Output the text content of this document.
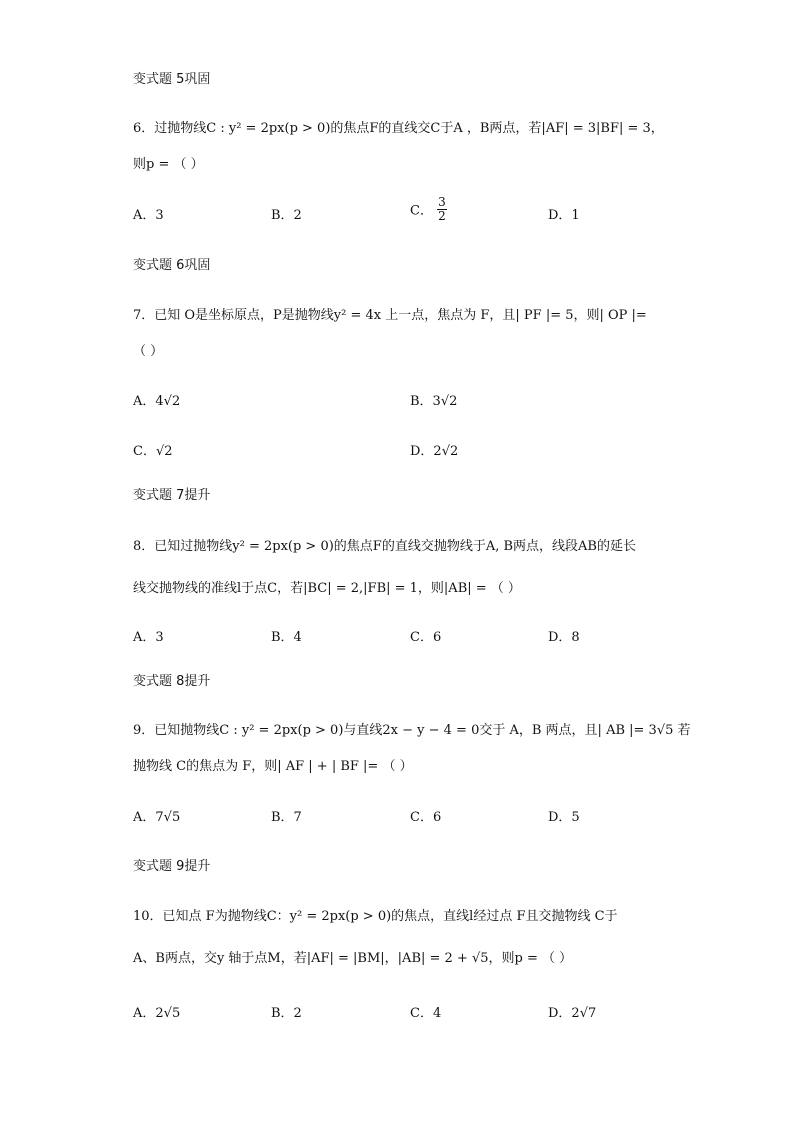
变式题 5巩固
6．过抛物线C : y² = 2px(p > 0)的焦点F的直线交C于A ，B两点，若|AF| = 3|BF| = 3，
则p = （ ）
A．3	B．2	C． $\frac{3}{2}$	D．1
变式题 6巩固
7．已知 O是坐标原点，P是抛物线y² = 4x 上一点，焦点为 F，且| PF |= 5，则| OP |=
（ ）
A．4√2	B．3√2
C．√2	D．2√2
变式题 7提升
8．已知过抛物线y² = 2px(p > 0)的焦点F的直线交抛物线于A, B两点，线段AB的延长
线交抛物线的准线l于点C，若|BC| = 2,|FB| = 1，则|AB| = （ ）
A．3	B．4	C．6	D．8
变式题 8提升
9．已知抛物线C : y² = 2px(p > 0)与直线2x − y − 4 = 0交于 A，B 两点，且| AB |= 3√5 若
抛物线 C的焦点为 F，则| AF | + | BF |= （ ）
A．7√5	B．7	C．6	D．5
变式题 9提升
10．已知点 F为抛物线C：y² = 2px(p > 0)的焦点，直线l经过点 F且交抛物线 C于
A、B两点，交y 轴于点M，若|AF| = |BM|，|AB| = 2 + √5，则p = （ ）
A．2√5	B．2	C．4	D．2√7
